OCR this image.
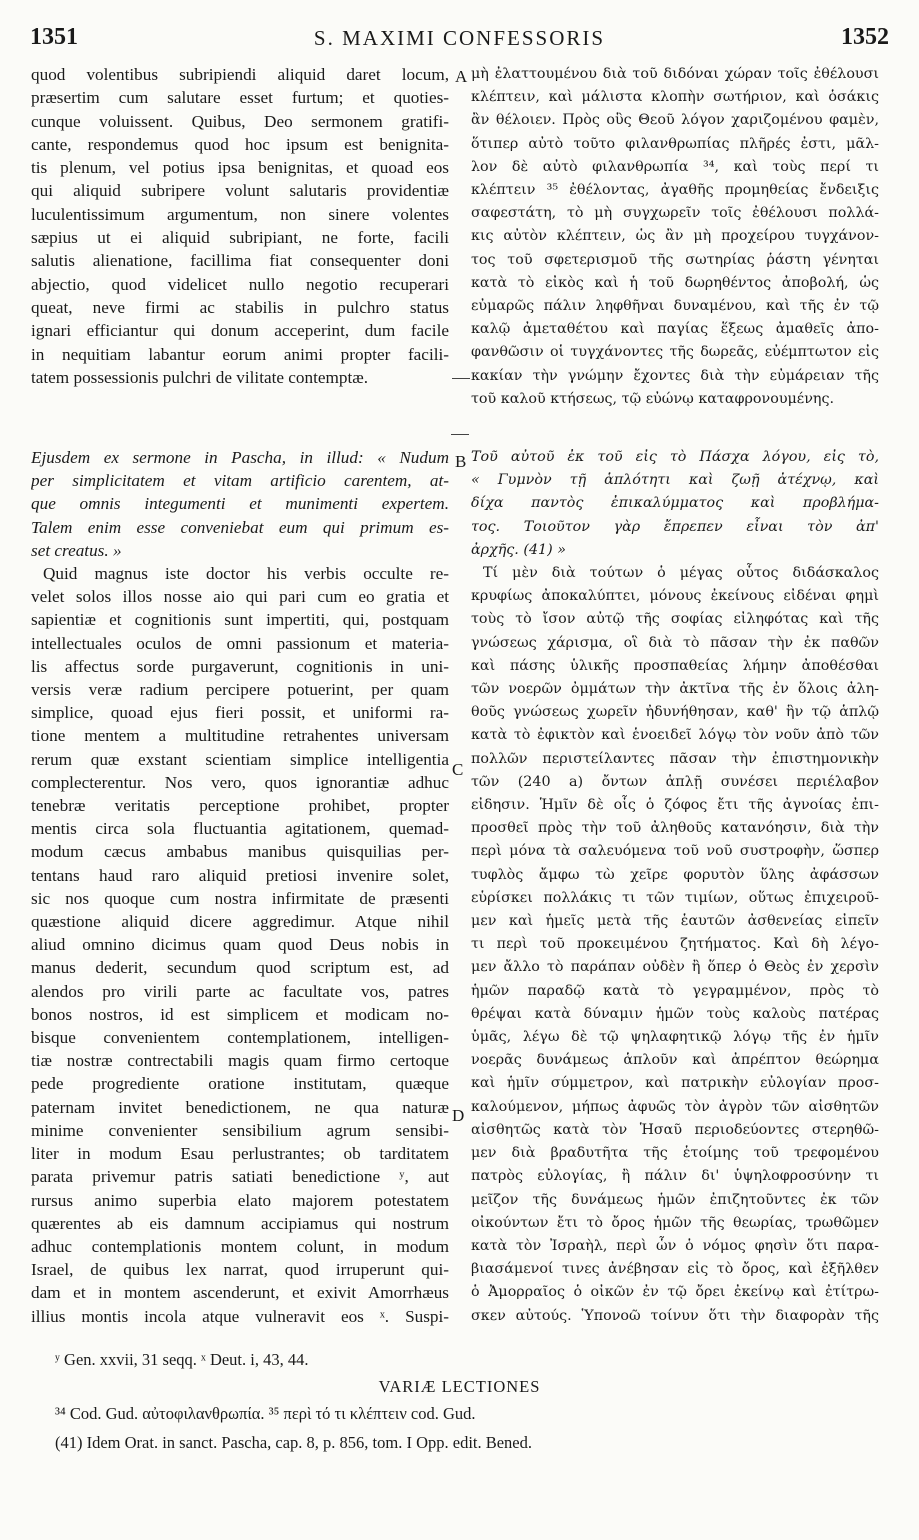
1351	S. MAXIMI CONFESSORIS	1352
quod volentibus subripiendi aliquid daret locum,
præsertim cum salutare esset furtum; et quoties-
cunque voluissent. Quibus, Deo sermonem gratifi-
cante, respondemus quod hoc ipsum est benignita-
tis plenum, vel potius ipsa benignitas, et quoad eos
qui aliquid subripere volunt salutaris providentiæ
luculentissimum argumentum, non sinere volentes
sæpius ut ei aliquid subripiant, ne forte, facili
salutis alienatione, facillima fiat consequenter doni
abjectio, quod videlicet nullo negotio recuperari
queat, neve firmi ac stabilis in pulchro status
ignari efficiantur qui donum acceperint, dum facile
in nequitiam labantur eorum animi propter facili-
tatem possessionis pulchri de vilitate contemptæ.
μὴ ἐλαττουμένου διὰ τοῦ διδόναι χώραν τοῖς ἐθέλουσι
κλέπτειν, καὶ μάλιστα κλοπὴν σωτήριον, καὶ ὁσάκις
ἂν θέλοιεν. Πρὸς οὓς Θεοῦ λόγον χαριζομένου φαμὲν,
ὅτιπερ αὐτὸ τοῦτο φιλανθρωπίας πλῆρές ἐστι, μᾶλ-
λον δὲ αὐτὸ φιλανθρωπία ³⁴, καὶ τοὺς περί τι
κλέπτειν ³⁵ ἐθέλοντας, ἀγαθῆς προμηθείας ἔνδειξις
σαφεστάτη, τὸ μὴ συγχωρεῖν τοῖς ἐθέλουσι πολλά-
κις αὐτὸν κλέπτειν, ὡς ἂν μὴ προχείρου τυγχάνον-
τος τοῦ σφετερισμοῦ τῆς σωτηρίας ῥάστη γένηται
κατὰ τὸ εἰκὸς καὶ ἡ τοῦ δωρηθέντος ἀποβολή, ὡς
εὐμαρῶς πάλιν ληφθῆναι δυναμένου, καὶ τῆς ἐν τῷ
καλῷ ἀμεταθέτου καὶ παγίας ἕξεως ἀμαθεῖς ἀπο-
φανθῶσιν οἱ τυγχάνοντες τῆς δωρεᾶς, εὐέμπτωτον εἰς
κακίαν τὴν γνώμην ἔχοντες διὰ τὴν εὐμάρειαν τῆς
τοῦ καλοῦ κτήσεως, τῷ εὐώνῳ καταφρονουμένης.
Ejusdem ex sermone in Pascha, in illud: « Nudum
per simplicitatem et vitam artificio carentem, at-
que omnis integumenti et munimenti expertem.
Talem enim esse conveniebat eum qui primum es-
set creatus. »
Quid magnus iste doctor his verbis occulte re-
velet solos illos nosse aio qui pari cum eo gratia et
sapientiæ et cognitionis sunt impertiti, qui, postquam
intellectuales oculos de omni passionum et materia-
lis affectus sorde purgaverunt, cognitionis in uni-
versis veræ radium percipere potuerint, per quam
simplice, quoad ejus fieri possit, et uniformi ra-
tione mentem a multitudine retrahentes universam
rerum quæ exstant scientiam simplice intelligentia
complecterentur. Nos vero, quos ignorantiæ adhuc
tenebræ veritatis perceptione prohibet, propter
mentis circa sola fluctuantia agitationem, quemad-
modum cæcus ambabus manibus quisquilias per-
tentans haud raro aliquid pretiosi invenire solet,
sic nos quoque cum nostra infirmitate de præsenti
quæstione aliquid dicere aggredimur. Atque nihil
aliud omnino dicimus quam quod Deus nobis in
manus dederit, secundum quod scriptum est, ad
alendos pro virili parte ac facultate vos, patres
bonos nostros, id est simplicem et modicam no-
bisque convenientem contemplationem, intelligen-
tiæ nostræ contrectabili magis quam firmo certoque
pede progrediente oratione institutam, quæque
paternam invitet benedictionem, ne qua naturæ
minime convenienter sensibilium agrum sensibi-
liter in modum Esau perlustrantes; ob tarditatem
parata privemur patris satiati benedictione ʸ, aut
rursus animo superbia elato majorem potestatem
quærentes ab eis damnum accipiamus qui nostrum
adhuc contemplationis montem colunt, in modum
Israel, de quibus lex narrat, quod irruperunt qui-
dam et in montem ascenderunt, et exivit Amorrhæus
illius montis incola atque vulneravit eos ˣ. Suspi-
Τοῦ αὐτοῦ ἐκ τοῦ εἰς τὸ Πάσχα λόγου, εἰς τὸ,
« Γυμνὸν τῇ ἁπλότητι καὶ ζωῇ ἀτέχνῳ, καὶ
δίχα παντὸς ἐπικαλύμματος καὶ προβλήμα-
τος. Τοιοῦτον γὰρ ἔπρεπεν εἶναι τὸν ἀπ'
ἀρχῆς. (41) »
Τί μὲν διὰ τούτων ὁ μέγας οὗτος διδάσκαλος
κρυφίως ἀποκαλύπτει, μόνους ἐκείνους εἰδέναι φημὶ
τοὺς τὸ ἴσον αὐτῷ τῆς σοφίας εἰληφότας καὶ τῆς
γνώσεως χάρισμα, οἳ διὰ τὸ πᾶσαν τὴν ἐκ παθῶν
καὶ πάσης ὑλικῆς προσπαθείας λήμην ἀποθέσθαι
τῶν νοερῶν ὀμμάτων τὴν ἀκτῖνα τῆς ἐν ὅλοις ἀλη-
θοῦς γνώσεως χωρεῖν ἠδυνήθησαν, καθ' ἣν τῷ ἁπλῷ
κατὰ τὸ ἐφικτὸν καὶ ἑνοειδεῖ λόγῳ τὸν νοῦν ἀπὸ τῶν
πολλῶν περιστείλαντες πᾶσαν τὴν ἐπιστημονικὴν
τῶν (240 a) ὄντων ἁπλῇ συνέσει περιέλαβον
εἰδησιν. Ἡμῖν δὲ οἷς ὁ ζόφος ἔτι τῆς ἀγνοίας ἐπι-
προσθεῖ πρὸς τὴν τοῦ ἀληθοῦς κατανόησιν, διὰ τὴν
περὶ μόνα τὰ σαλευόμενα τοῦ νοῦ συστροφὴν, ὥσπερ
τυφλὸς ἄμφω τὼ χεῖρε φορυτὸν ὕλης ἀφάσσων
εὑρίσκει πολλάκις τι τῶν τιμίων, οὕτως ἐπιχειροῦ-
μεν καὶ ἡμεῖς μετὰ τῆς ἑαυτῶν ἀσθενείας εἰπεῖν
τι περὶ τοῦ προκειμένου ζητήματος. Καὶ δὴ λέγο-
μεν ἄλλο τὸ παράπαν οὐδὲν ἢ ὅπερ ὁ Θεὸς ἐν χερσὶν
ἡμῶν παραδῷ κατὰ τὸ γεγραμμένον, πρὸς τὸ
θρέψαι κατὰ δύναμιν ἡμῶν τοὺς καλοὺς πατέρας
ὑμᾶς, λέγω δὲ τῷ ψηλαφητικῷ λόγῳ τῆς ἐν ἡμῖν
νοερᾶς δυνάμεως ἁπλοῦν καὶ ἀπρέπτον θεώρημα
καὶ ἡμῖν σύμμετρον, καὶ πατρικὴν εὐλογίαν προσ-
καλούμενον, μήπως ἀφυῶς τὸν ἀγρὸν τῶν αἰσθητῶν
αἰσθητῶς κατὰ τὸν Ἡσαῦ περιοδεύοντες στερηθῶ-
μεν διὰ βραδυτῆτα τῆς ἑτοίμης τοῦ τρεφομένου
πατρὸς εὐλογίας, ἢ πάλιν δι' ὑψηλοφροσύνην τι
μεῖζον τῆς δυνάμεως ἡμῶν ἐπιζητοῦντες ἐκ τῶν
οἰκούντων ἔτι τὸ ὄρος ἡμῶν τῆς θεωρίας, τρωθῶμεν
κατὰ τὸν Ἰσραὴλ, περὶ ὧν ὁ νόμος φησὶν ὅτι παρα-
βιασάμενοί τινες ἀνέβησαν εἰς τὸ ὄρος, καὶ ἐξῆλθεν
ὁ Ἀμορραῖος ὁ οἰκῶν ἐν τῷ ὄρει ἐκείνῳ καὶ ἐτίτρω-
σκεν αὐτούς. Ὑπονοῶ τοίνυν ὅτι τὴν διαφορὰν τῆς
A
B
C
D
ʸ Gen. xxvii, 31 seqq. ˣ Deut. i, 43, 44.
VARIÆ LECTIONES
³⁴ Cod. Gud. αὐτοφιλανθρωπία. ³⁵ περὶ τό τι κλέπτειν cod. Gud.
(41) Idem Orat. in sanct. Pascha, cap. 8, p. 856, tom. I Opp. edit. Bened.
